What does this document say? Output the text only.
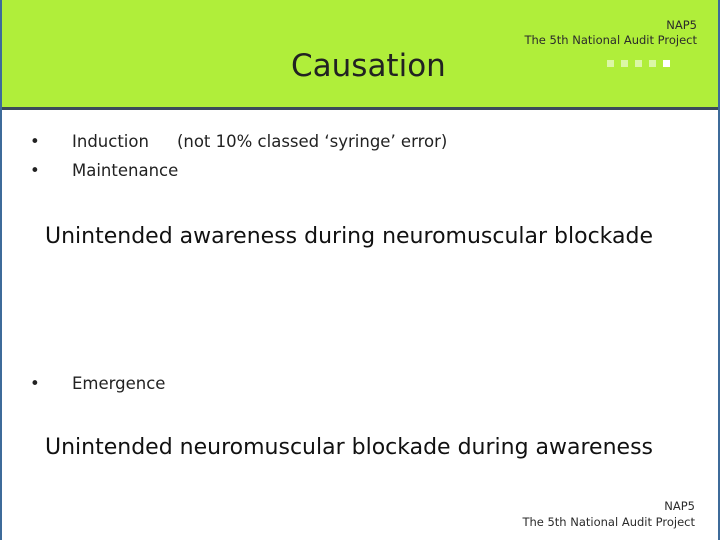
Causation
NAP5
The 5th National Audit Project
•	Induction (not 10% classed ‘syringe’ error)
•	Maintenance
Unintended awareness during neuromuscular blockade
•	Emergence
Unintended neuromuscular blockade during awareness
NAP5
The 5th National Audit Project
